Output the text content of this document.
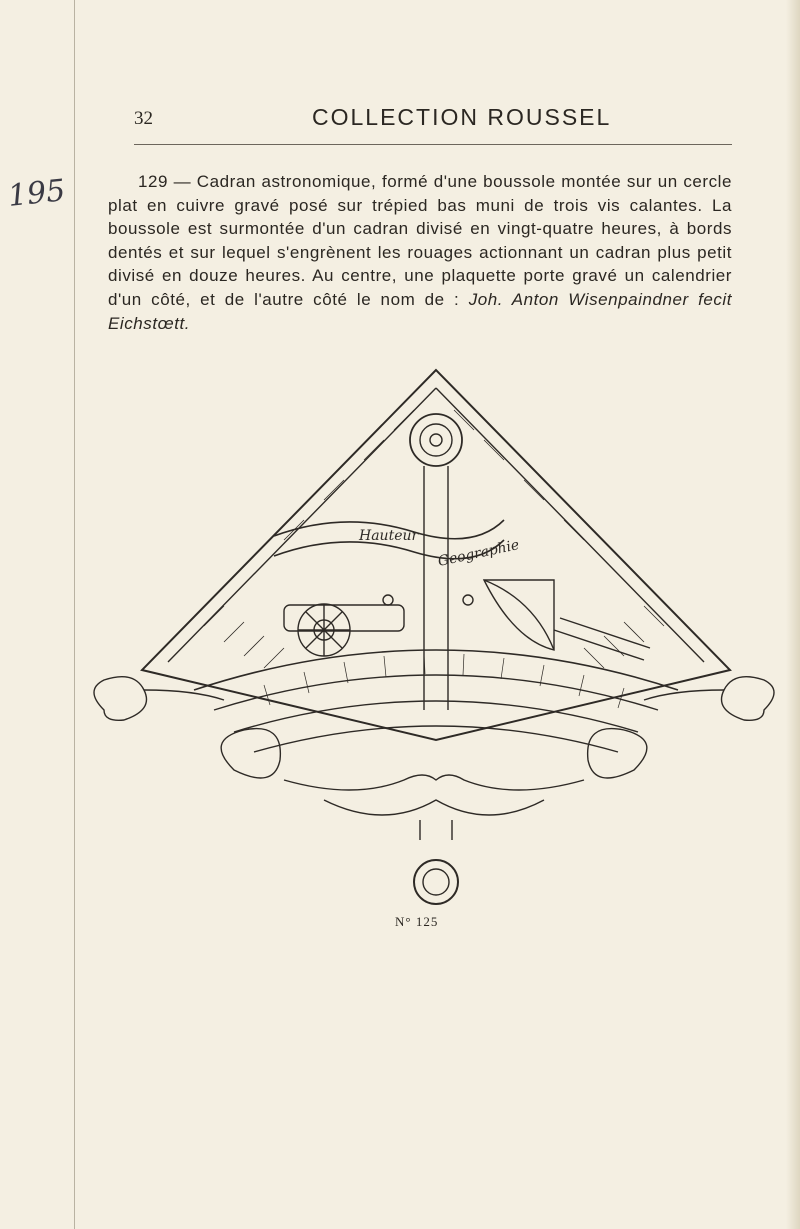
195
32	COLLECTION ROUSSEL

129 — Cadran astronomique, formé d'une boussole montée sur un cercle plat en cuivre gravé posé sur trépied bas muni de trois vis calantes. La boussole est surmontée d'un cadran divisé en vingt-quatre heures, à bords dentés et sur lequel s'engrènent les rouages actionnant un cadran plus petit divisé en douze heures. Au centre, une plaquette porte gravé un calendrier d'un côté, et de l'autre côté le nom de : Joh. Anton Wisenpaindner fecit Eichstœtt.

Hauteur
Geographie
N° 125
